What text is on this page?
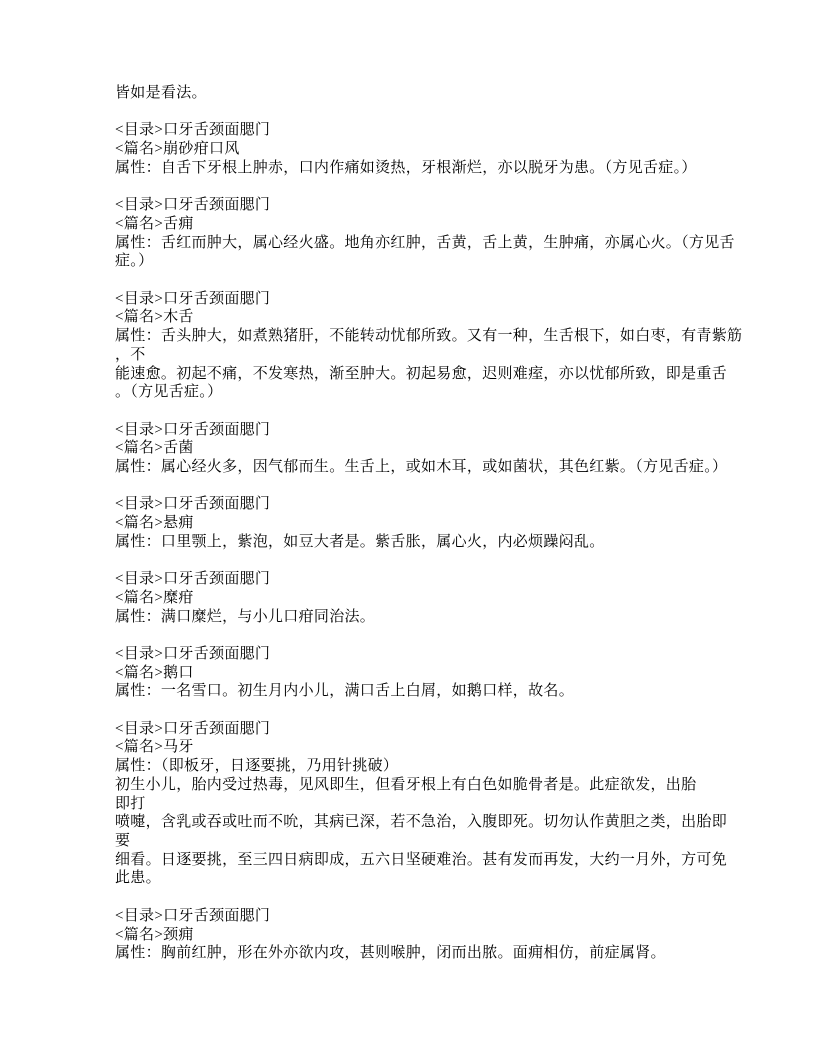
皆如是看法。
<目录>口牙舌颈面腮门
<篇名>崩砂疳口风
属性：自舌下牙根上肿赤，口内作痛如烫热，牙根渐烂，亦以脱牙为患。（方见舌症。）
<目录>口牙舌颈面腮门
<篇名>舌痈
属性：舌红而肿大，属心经火盛。地角亦红肿，舌黄，舌上黄，生肿痛，亦属心火。（方见舌
症。）
<目录>口牙舌颈面腮门
<篇名>木舌
属性：舌头肿大，如煮熟猪肝，不能转动忧郁所致。又有一种，生舌根下，如白枣，有青紫筋
，不
能速愈。初起不痛，不发寒热，渐至肿大。初起易愈，迟则难痓，亦以忧郁所致，即是重舌
。（方见舌症。）
<目录>口牙舌颈面腮门
<篇名>舌菌
属性：属心经火多，因气郁而生。生舌上，或如木耳，或如菌状，其色红紫。（方见舌症。）
<目录>口牙舌颈面腮门
<篇名>悬痈
属性：口里颚上，紫泡，如豆大者是。紫舌胀，属心火，内必烦躁闷乱。
<目录>口牙舌颈面腮门
<篇名>糜疳
属性：满口糜烂，与小儿口疳同治法。
<目录>口牙舌颈面腮门
<篇名>鹅口
属性：一名雪口。初生月内小儿，满口舌上白屑，如鹅口样，故名。
<目录>口牙舌颈面腮门
<篇名>马牙
属性：（即板牙，日逐要挑，乃用针挑破）
初生小儿，胎内受过热毒，见风即生，但看牙根上有白色如脆骨者是。此症欲发，出胎
即打
喷嚏，含乳或吞或吐而不吮，其病已深，若不急治，入腹即死。切勿认作黄胆之类，出胎即
要
细看。日逐要挑，至三四日病即成，五六日坚硬难治。甚有发而再发，大约一月外，方可免
此患。
<目录>口牙舌颈面腮门
<篇名>颈痈
属性：胸前红肿，形在外亦欲内攻，甚则喉肿，闭而出脓。面痈相仿，前症属肾。
